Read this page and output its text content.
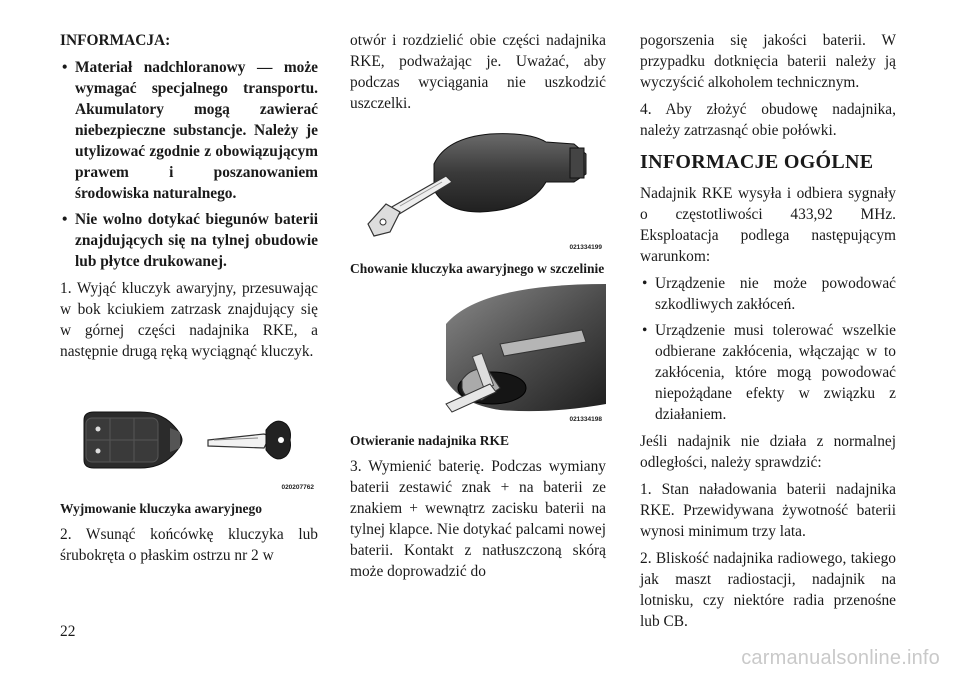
INFORMACJA:

• Materiał nadchloranowy — może wymagać specjalnego transportu. Akumulatory mogą zawierać niebezpieczne substancje. Należy je utylizować zgodnie z obowiązującym prawem i poszanowaniem środowiska naturalnego.
• Nie wolno dotykać biegunów baterii znajdujących się na tylnej obudowie lub płytce drukowanej.

1. Wyjąć kluczyk awaryjny, przesuwając w bok kciukiem zatrzask znajdujący się w górnej części nadajnika RKE, a następnie drugą ręką wyciągnąć kluczyk.

020207762

Wyjmowanie kluczyka awaryjnego

2. Wsunąć końcówkę kluczyka lub śrubokręta o płaskim ostrzu nr 2 w

otwór i rozdzielić obie części nadajnika RKE, podważając je. Uważać, aby podczas wyciągania nie uszkodzić uszczelki.

021334199

Chowanie kluczyka awaryjnego w szczelinie

021334198

Otwieranie nadajnika RKE

3. Wymienić baterię. Podczas wymiany baterii zestawić znak + na baterii ze znakiem + wewnątrz zacisku baterii na tylnej klapce. Nie dotykać palcami nowej baterii. Kontakt z natłuszczoną skórą może doprowadzić do

pogorszenia się jakości baterii. W przypadku dotknięcia baterii należy ją wyczyścić alkoholem technicznym.

4. Aby złożyć obudowę nadajnika, należy zatrzasnąć obie połówki.

INFORMACJE OGÓLNE

Nadajnik RKE wysyła i odbiera sygnały o częstotliwości 433,92 MHz. Eksploatacja podlega następującym warunkom:

• Urządzenie nie może powodować szkodliwych zakłóceń.
• Urządzenie musi tolerować wszelkie odbierane zakłócenia, włączając w to zakłócenia, które mogą powodować niepożądane efekty w związku z działaniem.

Jeśli nadajnik nie działa z normalnej odległości, należy sprawdzić:

1. Stan naładowania baterii nadajnika RKE. Przewidywana żywotność baterii wynosi minimum trzy lata.

2. Bliskość nadajnika radiowego, takiego jak maszt radiostacji, nadajnik na lotnisku, czy niektóre radia przenośne lub CB.

22
carmanualsonline.info
